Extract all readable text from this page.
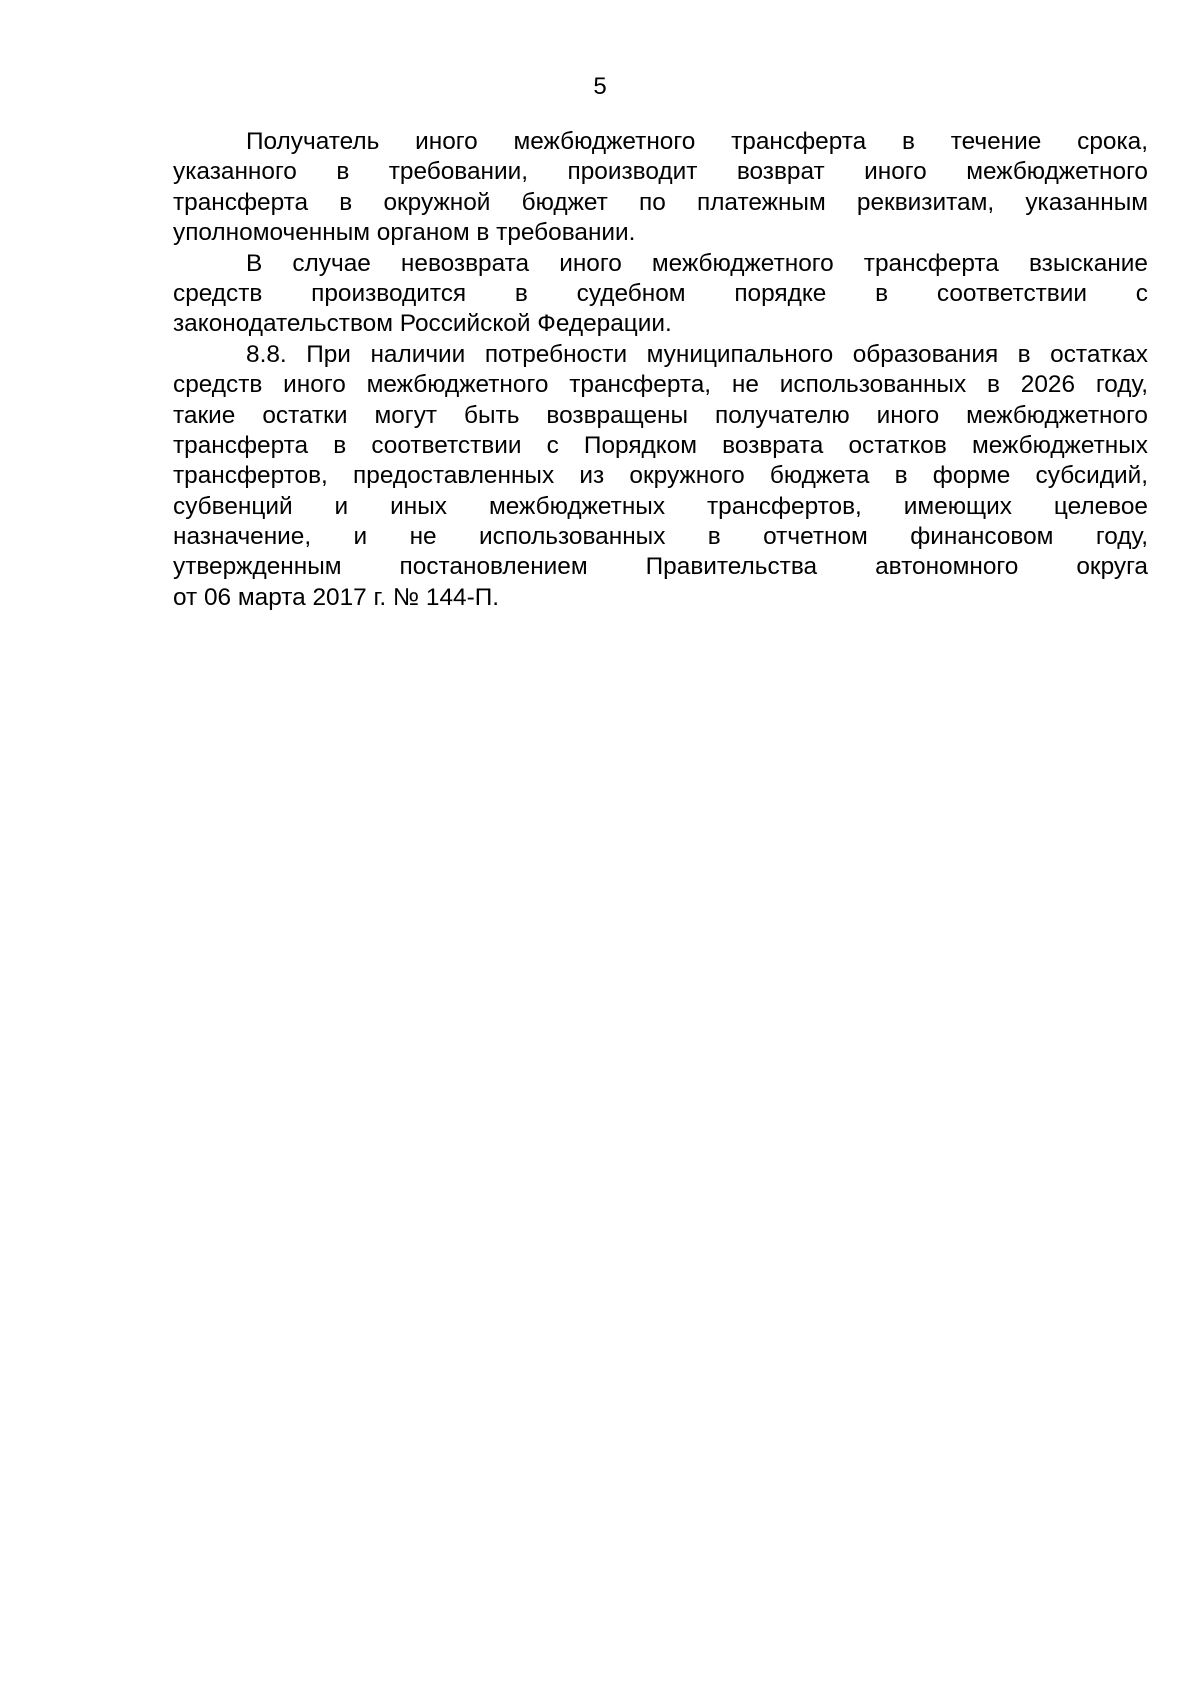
5
Получатель иного межбюджетного трансферта в течение срока,
указанного в требовании, производит возврат иного межбюджетного
трансферта в окружной бюджет по платежным реквизитам, указанным
уполномоченным органом в требовании.
В случае невозврата иного межбюджетного трансферта взыскание
средств производится в судебном порядке в соответствии с
законодательством Российской Федерации.
8.8. При наличии потребности муниципального образования в остатках
средств иного межбюджетного трансферта, не использованных в 2026 году,
такие остатки могут быть возвращены получателю иного межбюджетного
трансферта в соответствии с Порядком возврата остатков межбюджетных
трансфертов, предоставленных из окружного бюджета в форме субсидий,
субвенций и иных межбюджетных трансфертов, имеющих целевое
назначение, и не использованных в отчетном финансовом году,
утвержденным постановлением Правительства автономного округа
от 06 марта 2017 г. № 144-П.
